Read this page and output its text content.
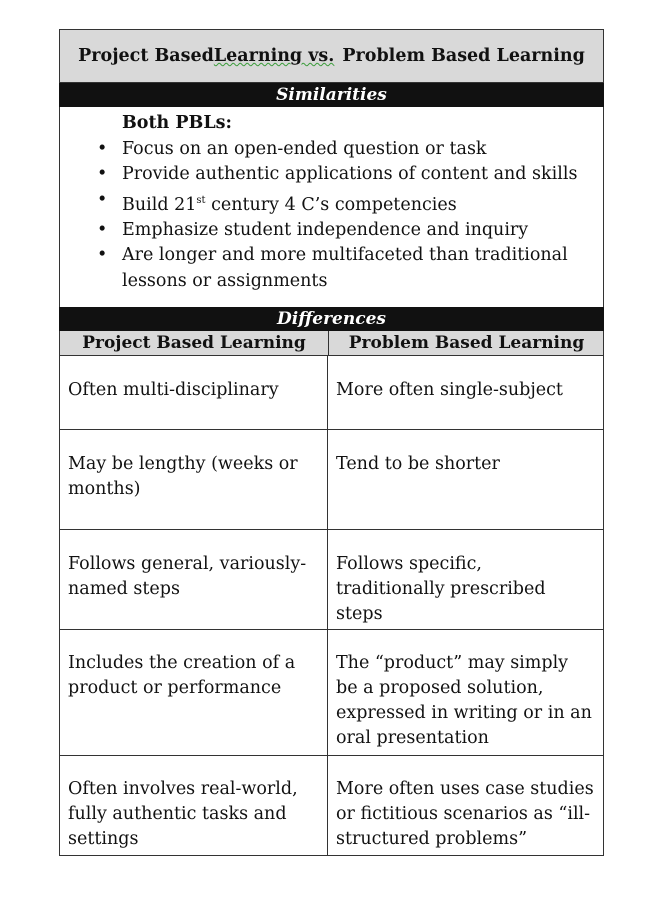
Project Based Learning vs. Problem Based Learning
Similarities
Both PBLs:
• Focus on an open-ended question or task
• Provide authentic applications of content and skills
• Build 21st century 4 C’s competencies
• Emphasize student independence and inquiry
• Are longer and more multifaceted than traditional lessons or assignments
Differences
Project Based Learning	Problem Based Learning
Often multi-disciplinary	More often single-subject
May be lengthy (weeks or months)
Tend to be shorter
Follows general, variously-named steps
Follows specific, traditionally prescribed steps
Includes the creation of a product or performance
The “product” may simply be a proposed solution, expressed in writing or in an oral presentation
Often involves real-world, fully authentic tasks and settings
More often uses case studies or fictitious scenarios as “ill-structured problems”
